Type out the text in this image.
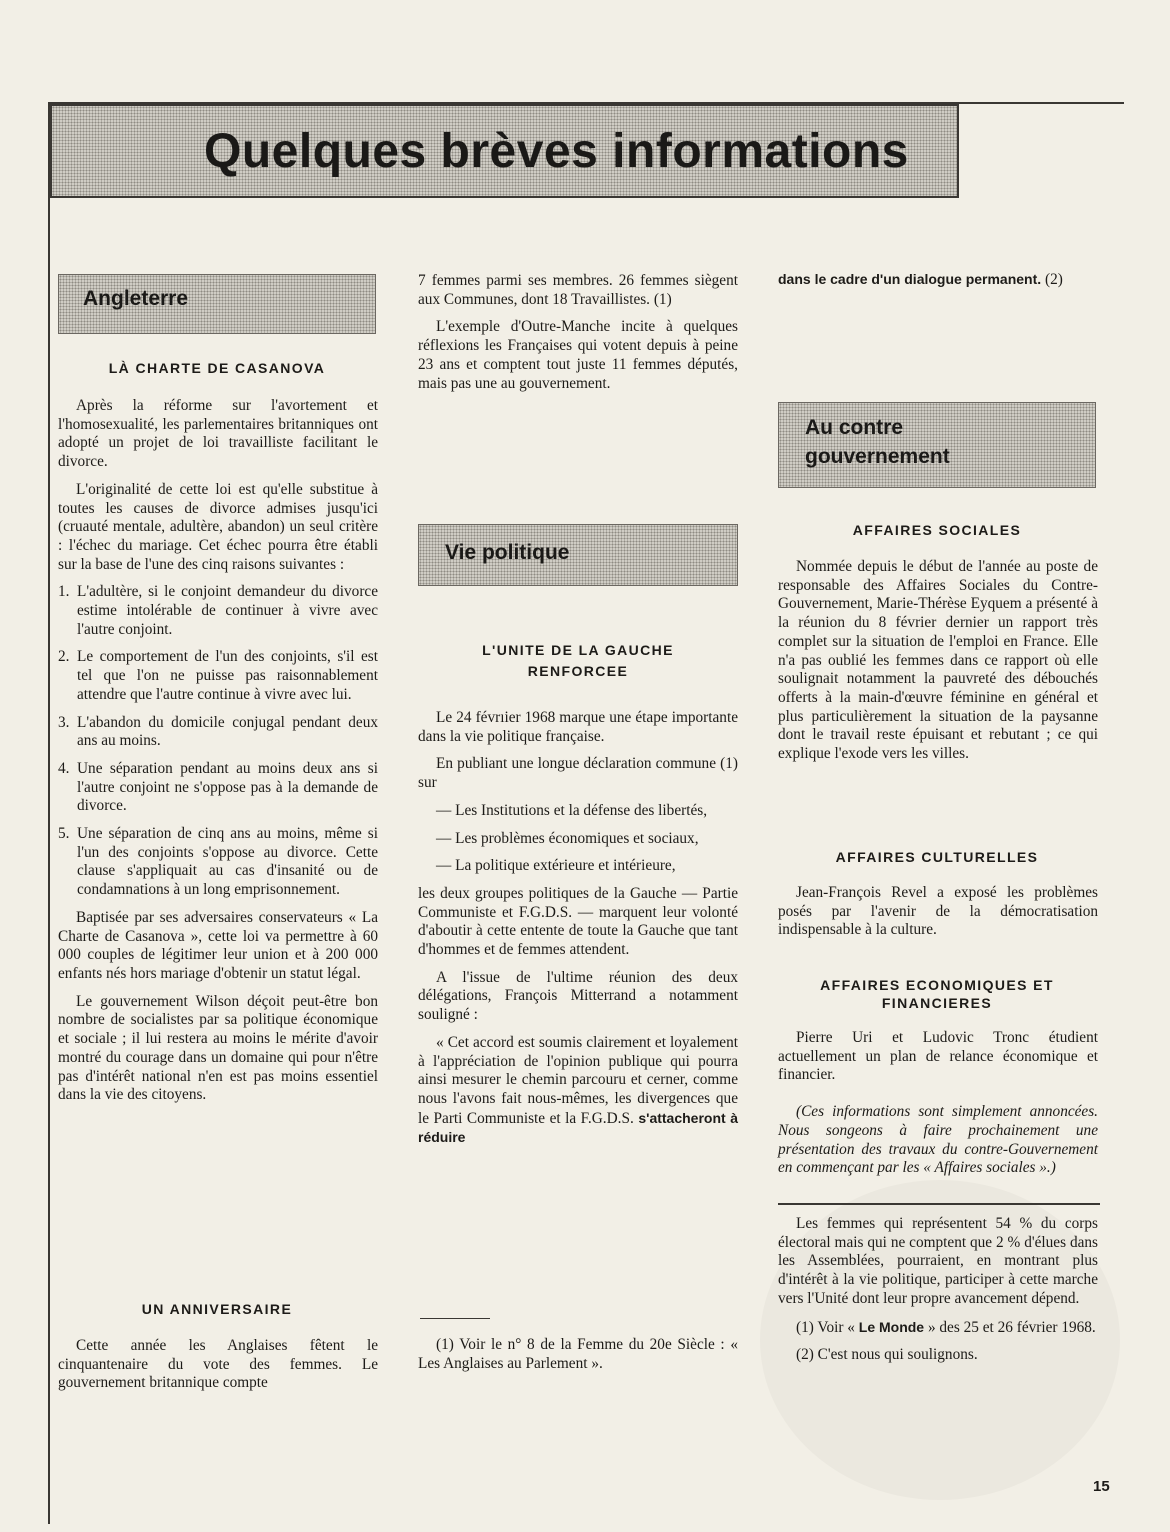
Quelques brèves informations
Angleterre
LÀ CHARTE DE CASANOVA

Après la réforme sur l'avortement et l'homosexualité, les parlementaires britanniques ont adopté un projet de loi travailliste facilitant le divorce.

L'originalité de cette loi est qu'elle substitue à toutes les causes de divorce admises jusqu'ici (cruauté mentale, adultère, abandon) un seul critère : l'échec du mariage. Cet échec pourra être établi sur la base de l'une des cinq raisons suivantes :

1. L'adultère, si le conjoint demandeur du divorce estime intolérable de continuer à vivre avec l'autre conjoint.
2. Le comportement de l'un des conjoints, s'il est tel que l'on ne puisse pas raisonnablement attendre que l'autre continue à vivre avec lui.
3. L'abandon du domicile conjugal pendant deux ans au moins.
4. Une séparation pendant au moins deux ans si l'autre conjoint ne s'oppose pas à la demande de divorce.
5. Une séparation de cinq ans au moins, même si l'un des conjoints s'oppose au divorce. Cette clause s'appliquait au cas d'insanité ou de condamnations à un long emprisonnement.

Baptisée par ses adversaires conservateurs « La Charte de Casanova », cette loi va permettre à 60 000 couples de légitimer leur union et à 200 000 enfants nés hors mariage d'obtenir un statut légal.

Le gouvernement Wilson déçoit peut-être bon nombre de socialistes par sa politique économique et sociale ; il lui restera au moins le mérite d'avoir montré du courage dans un domaine qui pour n'être pas d'intérêt national n'en est pas moins essentiel dans la vie des citoyens.

UN ANNIVERSAIRE

Cette année les Anglaises fêtent le cinquantenaire du vote des femmes. Le gouvernement britannique compte

7 femmes parmi ses membres. 26 femmes siègent aux Communes, dont 18 Travaillistes. (1)

L'exemple d'Outre-Manche incite à quelques réflexions les Françaises qui votent depuis à peine 23 ans et comptent tout juste 11 femmes députés, mais pas une au gouvernement.

Vie politique
L'UNITE DE LA GAUCHE RENFORCEE

Le 24 févrıier 1968 marque une étape importante dans la vie politique française.

En publiant une longue déclaration commune (1) sur

— Les Institutions et la défense des libertés,

— Les problèmes économiques et sociaux,

— La politique extérieure et intérieure,

les deux groupes politiques de la Gauche — Partie Communiste et F.G.D.S. — marquent leur volonté d'aboutir à cette entente de toute la Gauche que tant d'hommes et de femmes attendent.

A l'issue de l'ultime réunion des deux délégations, François Mitterrand a notamment souligné :

« Cet accord est soumis clairement et loyalement à l'appréciation de l'opinion publique qui pourra ainsi mesurer le chemin parcouru et cerner, comme nous l'avons fait nous-mêmes, les divergences que le Parti Communiste et la F.G.D.S. s'attacheront à réduire

(1) Voir le n° 8 de la Femme du 20e Siècle : « Les Anglaises au Parlement ».

dans le cadre d'un dialogue permanent. (2)

Au contre gouvernement
AFFAIRES SOCIALES

Nommée depuis le début de l'année au poste de responsable des Affaires Sociales du Contre-Gouvernement, Marie-Thérèse Eyquem a présenté à la réunion du 8 février dernier un rapport très complet sur la situation de l'emploi en France. Elle n'a pas oublié les femmes dans ce rapport où elle soulignait notamment la pauvreté des débouchés offerts à la main-d'œuvre féminine en général et plus particulièrement la situation de la paysanne dont le travail reste épuisant et rebutant ; ce qui explique l'exode vers les villes.

AFFAIRES CULTURELLES

Jean-François Revel a exposé les problèmes posés par l'avenir de la démocratisation indispensable à la culture.

AFFAIRES ECONOMIQUES ET FINANCIERES

Pierre Uri et Ludovic Tronc étudient actuellement un plan de relance économique et financier.

(Ces informations sont simplement annoncées. Nous songeons à faire prochainement une présentation des travaux du contre-Gouvernement en commençant par les « Affaires sociales ».)

Les femmes qui représentent 54 % du corps électoral mais qui ne comptent que 2 % d'élues dans les Assemblées, pourraient, en montrant plus d'intérêt à la vie politique, participer à cette marche vers l'Unité dont leur propre avancement dépend.

(1) Voir « Le Monde » des 25 et 26 février 1968.

(2) C'est nous qui soulignons.

15
